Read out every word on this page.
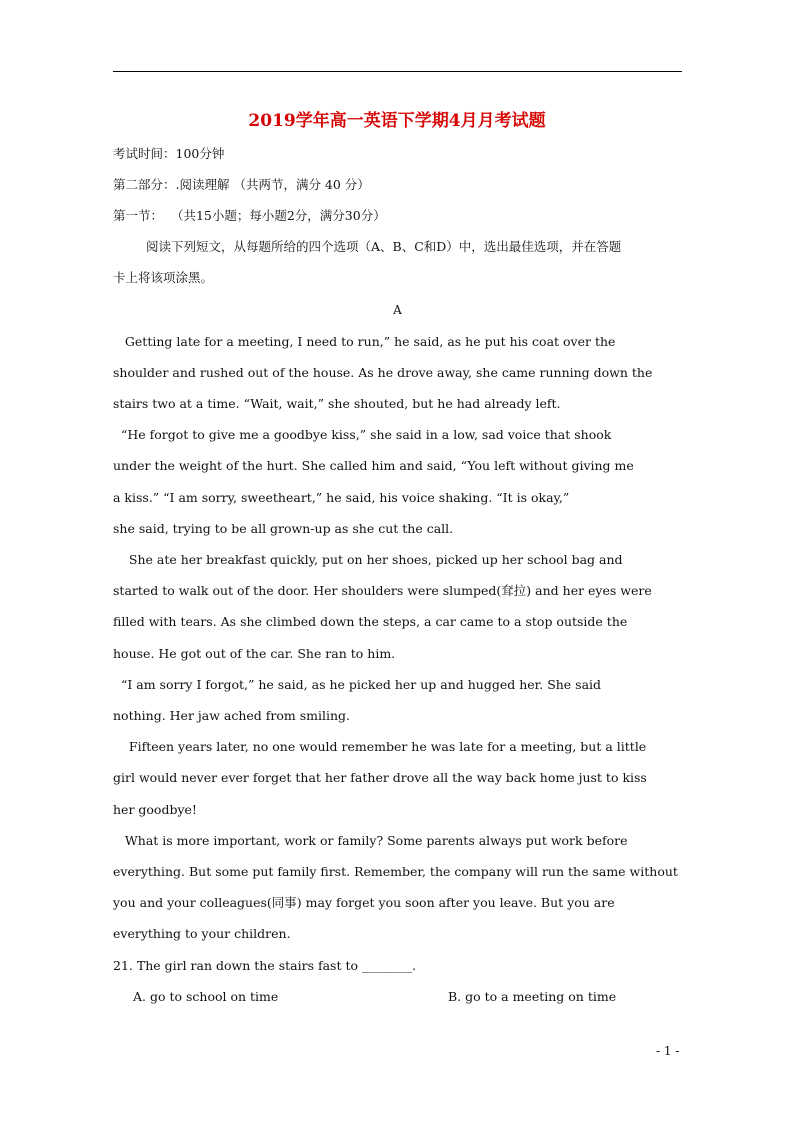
2019学年高一英语下学期4月月考试题
考试时间：100分钟
第二部分：.阅读理解 （共两节，满分 40 分）
第一节：  （共15小题；每小题2分，满分30分）
阅读下列短文，从每题所给的四个选项（A、B、C和D）中，选出最佳选项，并在答题
卡上将该项涂黑。
A
Getting late for a meeting, I need to run,” he said, as he put his coat over the
shoulder and rushed out of the house. As he drove away, she came running down the
stairs two at a time. “Wait, wait,” she shouted, but he had already left.
“He forgot to give me a goodbye kiss,” she said in a low, sad voice that shook
under the weight of the hurt. She called him and said, “You left without giving me
a kiss.” “I am sorry, sweetheart,” he said, his voice shaking. “It is okay,”
she said, trying to be all grown-up as she cut the call.
She ate her breakfast quickly, put on her shoes, picked up her school bag and
started to walk out of the door. Her shoulders were slumped(耷拉) and her eyes were
filled with tears. As she climbed down the steps, a car came to a stop outside the
house. He got out of the car. She ran to him.
“I am sorry I forgot,” he said, as he picked her up and hugged her. She said
nothing. Her jaw ached from smiling.
Fifteen years later, no one would remember he was late for a meeting, but a little
girl would never ever forget that her father drove all the way back home just to kiss
her goodbye!
What is more important, work or family? Some parents always put work before
everything. But some put family first. Remember, the company will run the same without
you and your colleagues(同事) may forget you soon after you leave. But you are
everything to your children.
21. The girl ran down the stairs fast to ________.
A. go to school on time	B. go to a meeting on time
- 1 -
